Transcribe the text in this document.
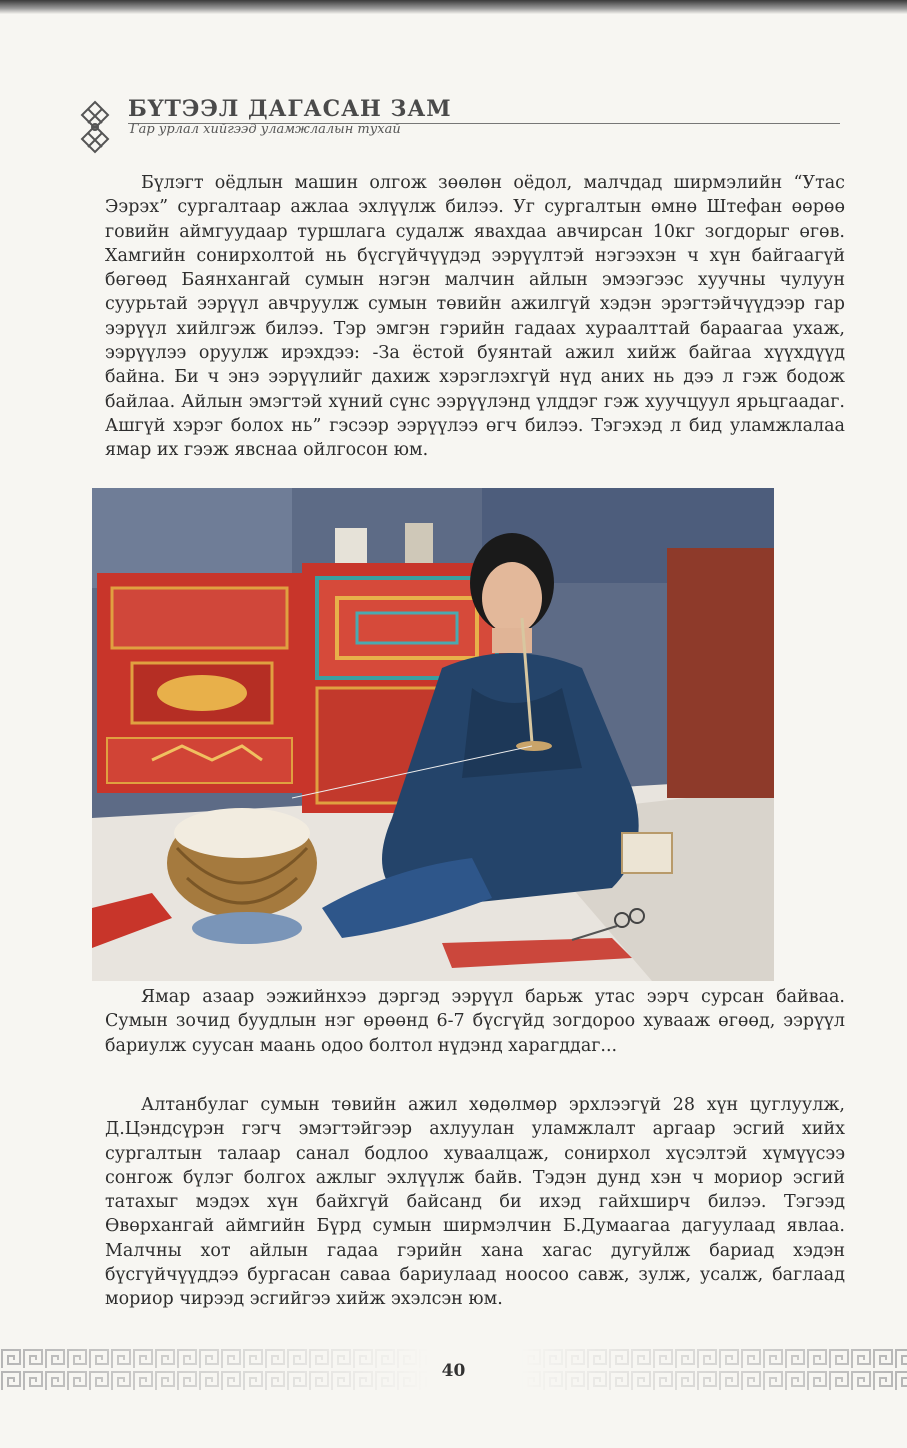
БҮТЭЭЛ ДАГАСАН ЗАМ
Гар урлал хийгээд уламжлалын тухай

Бүлэгт оёдлын машин олгож зөөлөн оёдол, малчдад ширмэлийн “Утас Ээрэх” сургалтаар ажлаа эхлүүлж билээ. Уг сургалтын өмнө Штефан өөрөө говийн аймгуудаар туршлага судалж явахдаа авчирсан 10кг зогдорыг өгөв. Хамгийн сонирхолтой нь бүсгүйчүүдэд ээрүүлтэй нэгээхэн ч хүн байгаагүй бөгөөд Баянхангай сумын нэгэн малчин айлын эмээгээс хуучны чулуун суурьтай ээрүүл авчруулж сумын төвийн ажилгүй хэдэн эрэгтэйчүүдээр гар ээрүүл хийлгэж билээ. Тэр эмгэн гэрийн гадаах хураалттай бараагаа ухаж, ээрүүлээ оруулж ирэхдээ: -За ёстой буянтай ажил хийж байгаа хүүхдүүд байна. Би ч энэ ээрүүлийг дахиж хэрэглэхгүй нүд аних нь дээ л гэж бодож байлаа. Айлын эмэгтэй хүний сүнс ээрүүлэнд үлддэг гэж хуучцуул ярьцгаадаг. Ашгүй хэрэг болох нь” гэсээр ээрүүлээ өгч билээ. Тэгэхэд л бид уламжлалаа ямар их гээж явснаа ойлгосон юм.

Ямар азаар ээжийнхээ дэргэд ээрүүл барьж утас ээрч сурсан байваа. Сумын зочид буудлын нэг өрөөнд 6-7 бүсгүйд зогдороо хувааж өгөөд, ээрүүл бариулж суусан маань одоо болтол нүдэнд харагддаг...

Алтанбулаг сумын төвийн ажил хөдөлмөр эрхлээгүй 28 хүн цуглуулж, Д.Цэндсүрэн гэгч эмэгтэйгээр ахлуулан уламжлалт аргаар эсгий хийх сургалтын талаар санал бодлоо хуваалцаж, сонирхол хүсэлтэй хүмүүсээ сонгож бүлэг болгох ажлыг эхлүүлж байв. Тэдэн дунд хэн ч мориор эсгий татахыг мэдэх хүн байхгүй байсанд би ихэд гайхширч билээ. Тэгээд Өвөрхангай аймгийн Бүрд сумын ширмэлчин Б.Думаагаа дагуулаад явлаа. Малчны хот айлын гадаа гэрийн хана хагас дугуйлж бариад хэдэн бүсгүйчүүддээ бургасан саваа бариулаад ноосоо савж, зулж, усалж, баглаад мориор чирээд эсгийгээ хийж эхэлсэн юм.

40
